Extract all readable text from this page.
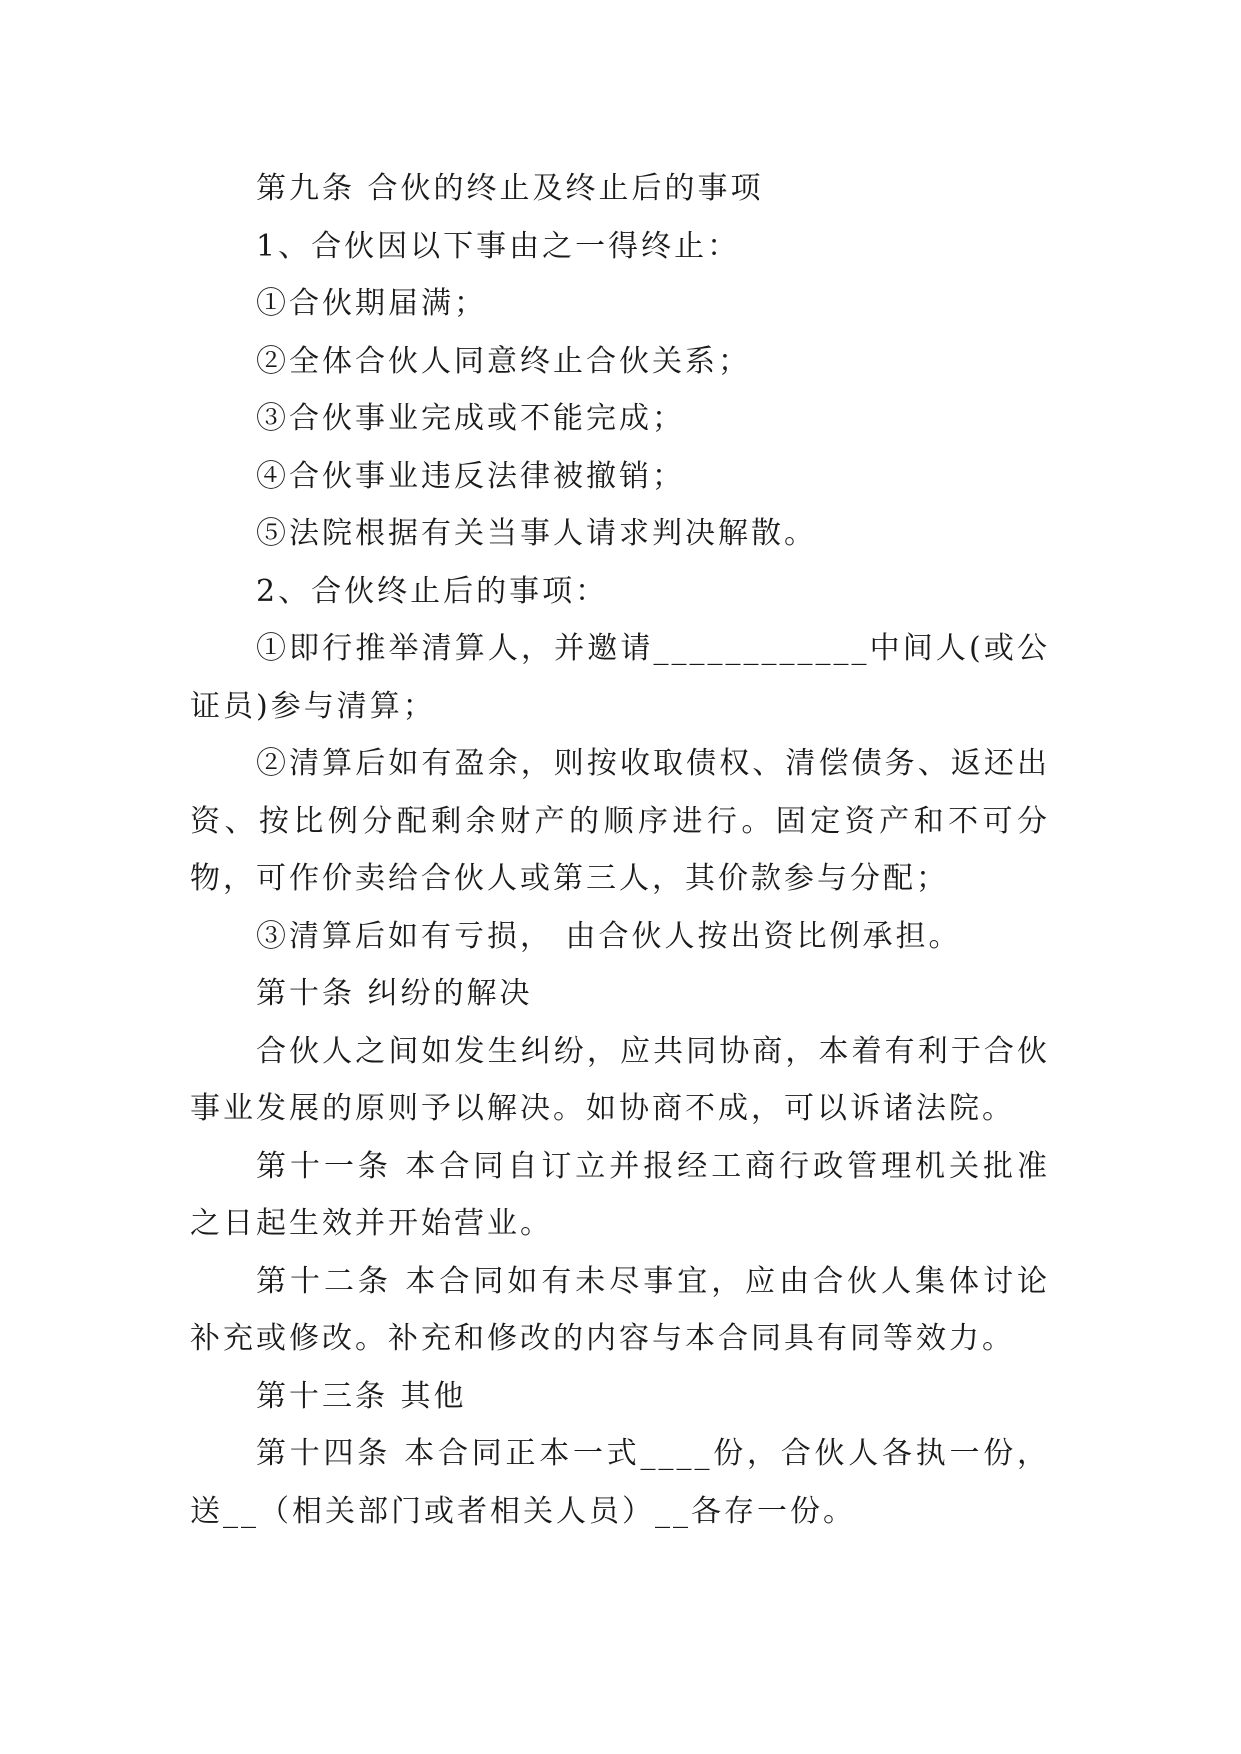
第九条 合伙的终止及终止后的事项

1、合伙因以下事由之一得终止：

①合伙期届满；

②全体合伙人同意终止合伙关系；

③合伙事业完成或不能完成；

④合伙事业违反法律被撤销；

⑤法院根据有关当事人请求判决解散。

2、合伙终止后的事项：

①即行推举清算人，并邀请____________中间人(或公证员)参与清算；

②清算后如有盈余，则按收取债权、清偿债务、返还出资、按比例分配剩余财产的顺序进行。固定资产和不可分物，可作价卖给合伙人或第三人，其价款参与分配；

③清算后如有亏损， 由合伙人按出资比例承担。

第十条 纠纷的解决

合伙人之间如发生纠纷，应共同协商，本着有利于合伙事业发展的原则予以解决。如协商不成，可以诉诸法院。

第十一条 本合同自订立并报经工商行政管理机关批准之日起生效并开始营业。

第十二条 本合同如有未尽事宜，应由合伙人集体讨论补充或修改。补充和修改的内容与本合同具有同等效力。

第十三条 其他

第十四条 本合同正本一式____份，合伙人各执一份，送__（相关部门或者相关人员）__各存一份。
